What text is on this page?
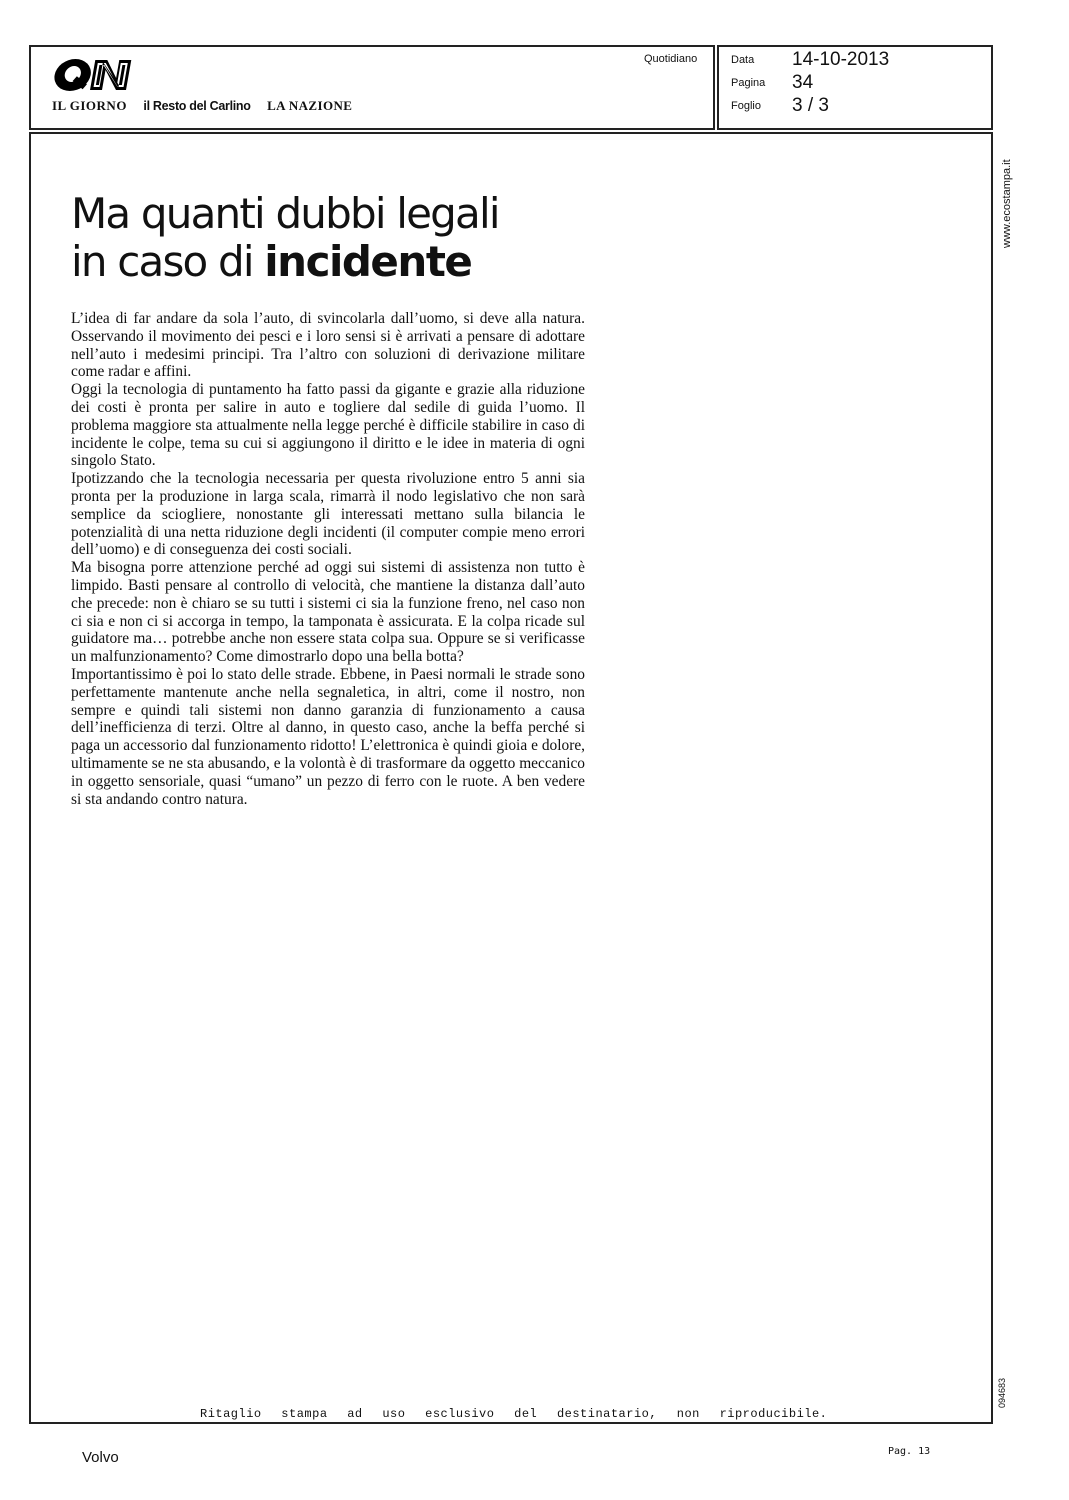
IL GIORNO il Resto del Carlino LA NAZIONE
Quotidiano	Data 14-10-2013
Pagina 34
Foglio 3 / 3
Ma quanti dubbi legali
in caso di incidente

L’idea di far andare da sola l’auto, di svincolarla dall’uomo, si deve alla natura. Osservando il movimento dei pesci e i loro sensi si è arrivati a pensare di adottare nell’auto i medesimi principi. Tra l’altro con soluzioni di derivazione militare come radar e affini.

Oggi la tecnologia di puntamento ha fatto passi da gigante e grazie alla riduzione dei costi è pronta per salire in auto e togliere dal sedile di guida l’uomo. Il problema maggiore sta attualmente nella legge perché è difficile stabilire in caso di incidente le colpe, tema su cui si aggiungono il diritto e le idee in materia di ogni singolo Stato.

Ipotizzando che la tecnologia necessaria per questa rivoluzione entro 5 anni sia pronta per la produzione in larga scala, rimarrà il nodo legislativo che non sarà semplice da sciogliere, nonostante gli interessati mettano sulla bilancia le potenzialità di una netta riduzione degli incidenti (il computer compie meno errori dell’uomo) e di conseguenza dei costi sociali.

Ma bisogna porre attenzione perché ad oggi sui sistemi di assistenza non tutto è limpido. Basti pensare al controllo di velocità, che mantiene la distanza dall’auto che precede: non è chiaro se su tutti i sistemi ci sia la funzione freno, nel caso non ci sia e non ci si accorga in tempo, la tamponata è assicurata. E la colpa ricade sul guidatore ma… potrebbe anche non essere stata colpa sua. Oppure se si verificasse un malfunzionamento? Come dimostrarlo dopo una bella botta?

Importantissimo è poi lo stato delle strade. Ebbene, in Paesi normali le strade sono perfettamente mantenute anche nella segnaletica, in altri, come il nostro, non sempre e quindi tali sistemi non danno garanzia di funzionamento a causa dell’inefficienza di terzi. Oltre al danno, in questo caso, anche la beffa perché si paga un accessorio dal funzionamento ridotto! L’elettronica è quindi gioia e dolore, ultimamente se ne sta abusando, e la volontà è di trasformare da oggetto meccanico in oggetto sensoriale, quasi “umano” un pezzo di ferro con le ruote. A ben vedere si sta andando contro natura.

www.ecostampa.it
094683
Ritaglio stampa ad uso esclusivo del destinatario, non riproducibile.
Volvo	Pag. 13
